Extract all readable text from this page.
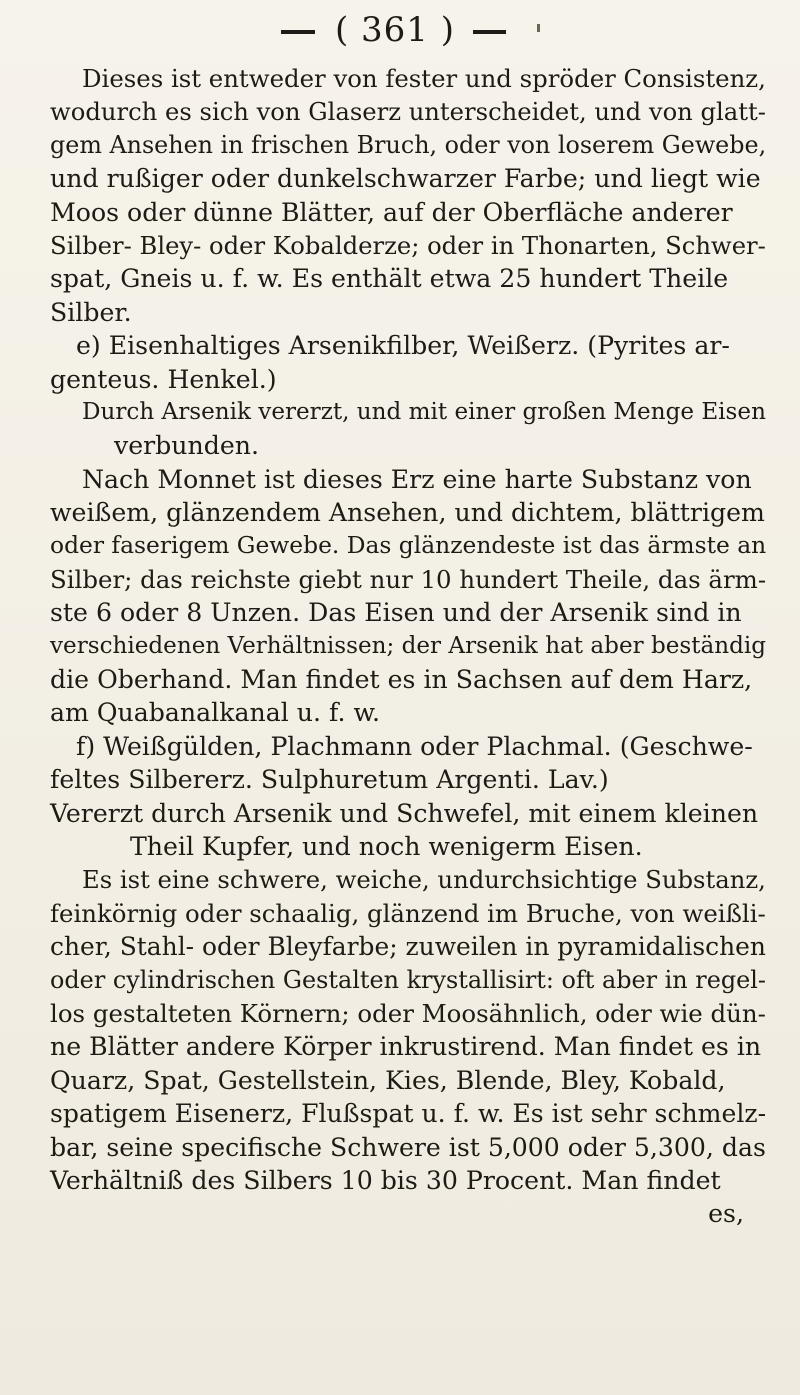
( 361 )
Dieses ist entweder von fester und spröder Consistenz,
wodurch es sich von Glaserz unterscheidet, und von glatt-
gem Ansehen in frischen Bruch, oder von loserem Gewebe,
und rußiger oder dunkelschwarzer Farbe; und liegt wie
Moos oder dünne Blätter, auf der Oberfläche anderer
Silber- Bley- oder Kobalderze; oder in Thonarten, Schwer-
spat, Gneis u. f. w. Es enthält etwa 25 hundert Theile
Silber.
e) Eisenhaltiges Arsenikfilber, Weißerz. (Pyrites ar-
genteus. Henkel.)
Durch Arsenik vererzt, und mit einer großen Menge Eisen
verbunden.
Nach Monnet ist dieses Erz eine harte Substanz von
weißem, glänzendem Ansehen, und dichtem, blättrigem
oder faserigem Gewebe. Das glänzendeste ist das ärmste an
Silber; das reichste giebt nur 10 hundert Theile, das ärm-
ste 6 oder 8 Unzen. Das Eisen und der Arsenik sind in
verschiedenen Verhältnissen; der Arsenik hat aber beständig
die Oberhand. Man findet es in Sachsen auf dem Harz,
am Quabanalkanal u. f. w.
f) Weißgülden, Plachmann oder Plachmal. (Geschwe-
feltes Silbererz. Sulphuretum Argenti. Lav.)
Vererzt durch Arsenik und Schwefel, mit einem kleinen
Theil Kupfer, und noch wenigerm Eisen.
Es ist eine schwere, weiche, undurchsichtige Substanz,
feinkörnig oder schaalig, glänzend im Bruche, von weißli-
cher, Stahl- oder Bleyfarbe; zuweilen in pyramidalischen
oder cylindrischen Gestalten krystallisirt: oft aber in regel-
los gestalteten Körnern; oder Moosähnlich, oder wie dün-
ne Blätter andere Körper inkrustirend. Man findet es in
Quarz, Spat, Gestellstein, Kies, Blende, Bley, Kobald,
spatigem Eisenerz, Flußspat u. f. w. Es ist sehr schmelz-
bar, seine specifische Schwere ist 5,000 oder 5,300, das
Verhältniß des Silbers 10 bis 30 Procent. Man findet
es,
